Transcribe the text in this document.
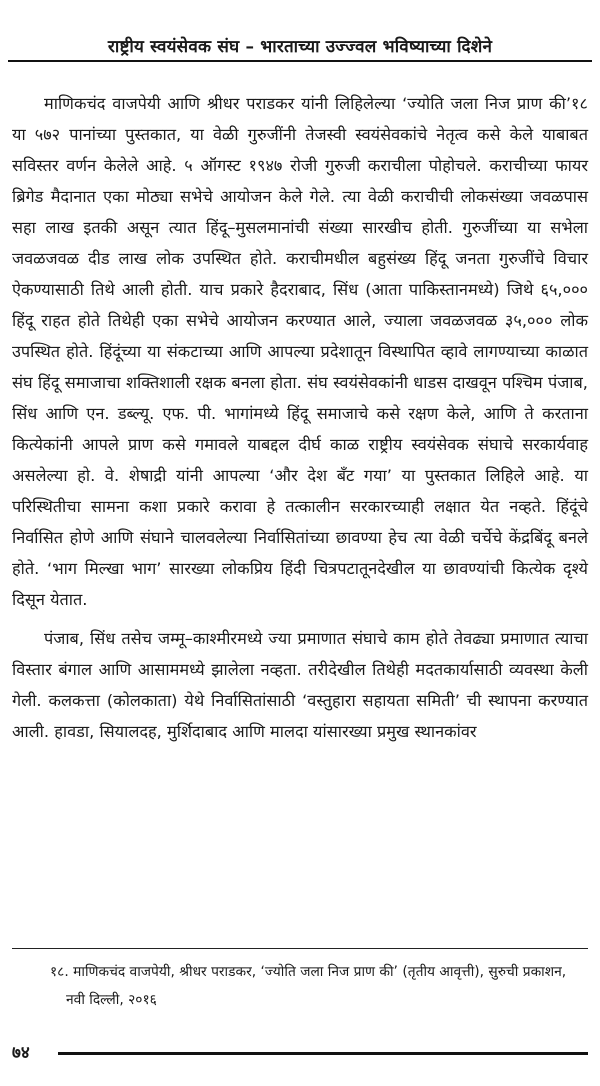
राष्ट्रीय स्वयंसेवक संघ – भारताच्या उज्ज्वल भविष्याच्या दिशेने

माणिकचंद वाजपेयी आणि श्रीधर पराडकर यांनी लिहिलेल्या ‘ज्योति जला निज प्राण की’१८ या ५७२ पानांच्या पुस्तकात, या वेळी गुरुजींनी तेजस्वी स्वयंसेवकांचे नेतृत्व कसे केले याबाबत सविस्तर वर्णन केलेले आहे. ५ ऑगस्ट १९४७ रोजी गुरुजी कराचीला पोहोचले. कराचीच्या फायर ब्रिगेड मैदानात एका मोठ्या सभेचे आयोजन केले गेले. त्या वेळी कराचीची लोकसंख्या जवळपास सहा लाख इतकी असून त्यात हिंदू–मुसलमानांची संख्या सारखीच होती. गुरुजींच्या या सभेला जवळजवळ दीड लाख लोक उपस्थित होते. कराचीमधील बहुसंख्य हिंदू जनता गुरुजींचे विचार ऐकण्यासाठी तिथे आली होती. याच प्रकारे हैदराबाद, सिंध (आता पाकिस्तानमध्ये) जिथे ६५,००० हिंदू राहत होते तिथेही एका सभेचे आयोजन करण्यात आले, ज्याला जवळजवळ ३५,००० लोक उपस्थित होते. हिंदूंच्या या संकटाच्या आणि आपल्या प्रदेशातून विस्थापित व्हावे लागण्याच्या काळात संघ हिंदू समाजाचा शक्तिशाली रक्षक बनला होता. संघ स्वयंसेवकांनी धाडस दाखवून पश्चिम पंजाब, सिंध आणि एन. डब्ल्यू. एफ. पी. भागांमध्ये हिंदू समाजाचे कसे रक्षण केले, आणि ते करताना कित्येकांनी आपले प्राण कसे गमावले याबद्दल दीर्घ काळ राष्ट्रीय स्वयंसेवक संघाचे सरकार्यवाह असलेल्या हो. वे. शेषाद्री यांनी आपल्या ‘और देश बँट गया’ या पुस्तकात लिहिले आहे. या परिस्थितीचा सामना कशा प्रकारे करावा हे तत्कालीन सरकारच्याही लक्षात येत नव्हते. हिंदूंचे निर्वासित होणे आणि संघाने चालवलेल्या निर्वासितांच्या छावण्या हेच त्या वेळी चर्चेचे केंद्रबिंदू बनले होते. ‘भाग मिल्खा भाग’ सारख्या लोकप्रिय हिंदी चित्रपटातूनदेखील या छावण्यांची कित्येक दृश्ये दिसून येतात.

पंजाब, सिंध तसेच जम्मू–काश्मीरमध्ये ज्या प्रमाणात संघाचे काम होते तेवढ्या प्रमाणात त्याचा विस्तार बंगाल आणि आसाममध्ये झालेला नव्हता. तरीदेखील तिथेही मदतकार्यासाठी व्यवस्था केली गेली. कलकत्ता (कोलकाता) येथे निर्वासितांसाठी ‘वस्तुहारा सहायता समिती’ ची स्थापना करण्यात आली. हावडा, सियालदह, मुर्शिदाबाद आणि मालदा यांसारख्या प्रमुख स्थानकांवर

१८. माणिकचंद वाजपेयी, श्रीधर पराडकर, ‘ज्योति जला निज प्राण की’ (तृतीय आवृत्ती), सुरुची प्रकाशन, नवी दिल्ली, २०१६
७४
